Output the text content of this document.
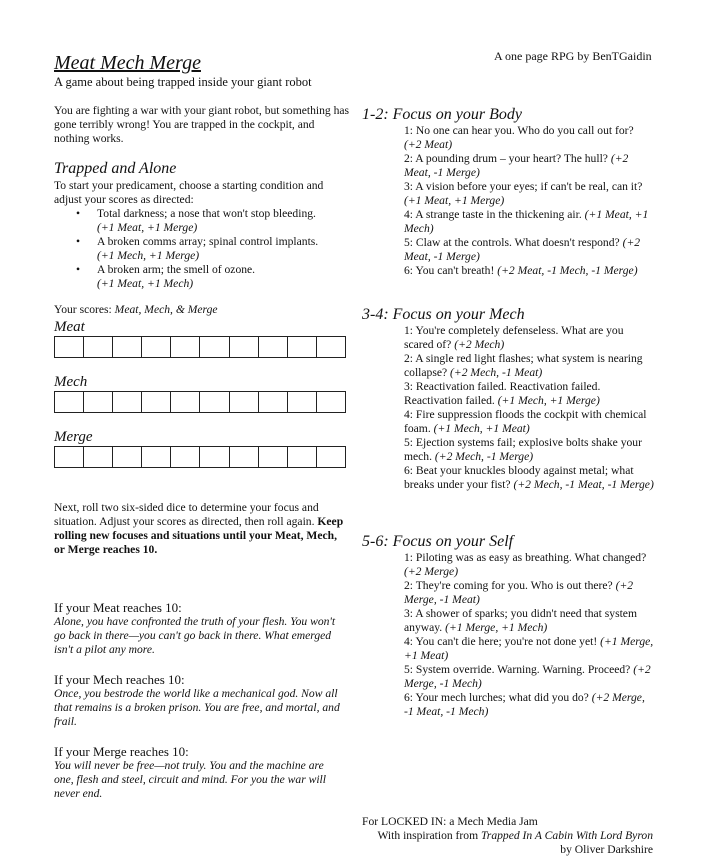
Meat Mech Merge
A game about being trapped inside your giant robot
A one page RPG by BenTGaidin

You are fighting a war with your giant robot, but something has gone terribly wrong! You are trapped in the cockpit, and nothing works.

Trapped and Alone

To start your predicament, choose a starting condition and adjust your scores as directed:

• Total darkness; a nose that won't stop bleeding.
(+1 Meat, +1 Merge)
• A broken comms array; spinal control implants.
(+1 Mech, +1 Merge)
• A broken arm; the smell of ozone.
(+1 Meat, +1 Mech)

Your scores: Meat, Mech, & Merge

Meat
Mech
Merge

Next, roll two six-sided dice to determine your focus and situation. Adjust your scores as directed, then roll again. Keep rolling new focuses and situations until your Meat, Mech, or Merge reaches 10.

If your Meat reaches 10:

Alone, you have confronted the truth of your flesh. You won't go back in there—you can't go back in there. What emerged isn't a pilot any more.

If your Mech reaches 10:

Once, you bestrode the world like a mechanical god. Now all that remains is a broken prison. You are free, and mortal, and frail.

If your Merge reaches 10:

You will never be free—not truly. You and the machine are one, flesh and steel, circuit and mind. For you the war will never end.

1-2: Focus on your Body
1: No one can hear you. Who do you call out for? (+2 Meat)
2: A pounding drum – your heart? The hull? (+2 Meat, -1 Merge)
3: A vision before your eyes; if can't be real, can it? (+1 Meat, +1 Merge)
4: A strange taste in the thickening air. (+1 Meat, +1 Mech)
5: Claw at the controls. What doesn't respond? (+2 Meat, -1 Merge)
6: You can't breath! (+2 Meat, -1 Mech, -1 Merge)
3-4: Focus on your Mech
1: You're completely defenseless. What are you scared of? (+2 Mech)
2: A single red light flashes; what system is nearing collapse? (+2 Mech, -1 Meat)
3: Reactivation failed. Reactivation failed. Reactivation failed. (+1 Mech, +1 Merge)
4: Fire suppression floods the cockpit with chemical foam. (+1 Mech, +1 Meat)
5: Ejection systems fail; explosive bolts shake your mech. (+2 Mech, -1 Merge)
6: Beat your knuckles bloody against metal; what breaks under your fist? (+2 Mech, -1 Meat, -1 Merge)
5-6: Focus on your Self
1: Piloting was as easy as breathing. What changed? (+2 Merge)
2: They're coming for you. Who is out there? (+2 Merge, -1 Meat)
3: A shower of sparks; you didn't need that system anyway. (+1 Merge, +1 Mech)
4: You can't die here; you're not done yet! (+1 Merge, +1 Meat)
5: System override. Warning. Warning. Proceed? (+2 Merge, -1 Mech)
6: Your mech lurches; what did you do? (+2 Merge, -1 Meat, -1 Mech)
For LOCKED IN: a Mech Media Jam
With inspiration from Trapped In A Cabin With Lord Byron
by Oliver Darkshire
